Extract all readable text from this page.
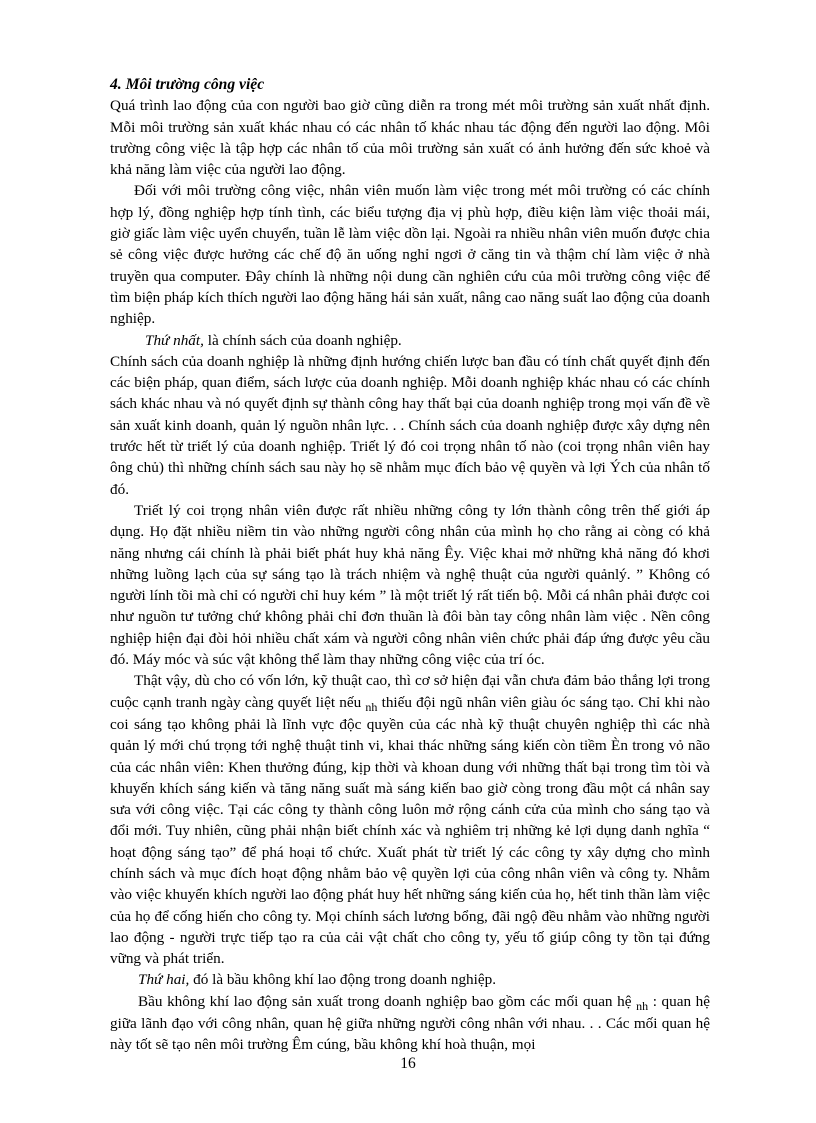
4. Môi trường công việc

Quá trình lao động của con người bao giờ cũng diễn ra trong mét môi trường sản xuất nhất định. Mỗi môi trường sản xuất khác nhau có các nhân tố khác nhau tác động đến người lao động. Môi trường công việc là tập hợp các nhân tố của môi trường sản xuất có ảnh hưởng đến sức khoẻ và khả năng làm việc của người lao động.

Đối với môi trường công việc, nhân viên muốn làm việc trong mét môi trường có các chính hợp lý, đồng nghiệp hợp tính tình, các biểu tượng địa vị phù hợp, điều kiện làm việc thoải mái, giờ giấc làm việc uyển chuyển, tuần lễ làm việc dồn lại. Ngoài ra nhiều nhân viên muốn được chia sẻ công việc được hưởng các chế độ ăn uống nghỉ ngơi ở căng tin và thậm chí làm việc ở nhà truyền qua computer. Đây chính là những nội dung cần nghiên cứu của môi trường công việc để tìm biện pháp kích thích người lao động hăng hái sản xuất, nâng cao năng suất lao động của doanh nghiệp.

Thứ nhất, là chính sách của doanh nghiệp.

Chính sách của doanh nghiệp là những định hướng chiến lược ban đầu có tính chất quyết định đến các biện pháp, quan điểm, sách lược của doanh nghiệp. Mỗi doanh nghiệp khác nhau có các chính sách khác nhau và nó quyết định sự thành công hay thất bại của doanh nghiệp trong mọi vấn đề về sản xuất kinh doanh, quản lý nguồn nhân lực. . . Chính sách của doanh nghiệp được xây dựng nên trước hết từ triết lý của doanh nghiệp. Triết lý đó coi trọng nhân tố nào (coi trọng nhân viên hay ông chủ) thì những chính sách sau này họ sẽ nhằm mục đích bảo vệ quyền và lợi Ých của nhân tố đó.

Triết lý coi trọng nhân viên được rất nhiều những công ty lớn thành công trên thế giới áp dụng. Họ đặt nhiều niềm tin vào những người công nhân của mình họ cho rằng ai còng có khả năng nhưng cái chính là phải biết phát huy khả năng Êy. Việc khai mở những khả năng đó khơi những luồng lạch của sự sáng tạo là trách nhiệm và nghệ thuật của người quảnlý. ” Không có người lính tồi mà chỉ có người chỉ huy kém ” là một triết lý rất tiến bộ. Mỗi cá nhân phải được coi như nguồn tư tưởng chứ không phải chỉ đơn thuần là đôi bàn tay công nhân làm việc . Nền công nghiệp hiện đại đòi hỏi nhiều chất xám và người công nhân viên chức phải đáp ứng được yêu cầu đó. Máy móc và súc vật không thể làm thay những công việc của trí óc.

Thật vậy, dù cho có vốn lớn, kỹ thuật cao, thì cơ sở hiện đại vẫn chưa đảm bảo thắng lợi trong cuộc cạnh tranh ngày càng quyết liệt nếu $_{nh}$ thiếu đội ngũ nhân viên giàu óc sáng tạo. Chỉ khi nào coi sáng tạo không phải là lĩnh vực độc quyền của các nhà kỹ thuật chuyên nghiệp thì các nhà quản lý mới chú trọng tới nghệ thuật tinh vi, khai thác những sáng kiến còn tiềm Èn trong vỏ não của các nhân viên: Khen thưởng đúng, kịp thời và khoan dung với những thất bại trong tìm tòi và khuyến khích sáng kiến và tăng năng suất mà sáng kiến bao giờ còng trong đầu một cá nhân say sưa với công việc. Tại các công ty thành công luôn mở rộng cánh cửa của mình cho sáng tạo và đổi mới. Tuy nhiên, cũng phải nhận biết chính xác và nghiêm trị những kẻ lợi dụng danh nghĩa “ hoạt động sáng tạo” để phá hoại tổ chức. Xuất phát từ triết lý các công ty xây dựng cho mình chính sách và mục đích hoạt động nhằm bảo vệ quyền lợi của công nhân viên và công ty. Nhằm vào việc khuyến khích người lao động phát huy hết những sáng kiến của họ, hết tinh thần làm việc của họ để cống hiến cho công ty. Mọi chính sách lương bổng, đãi ngộ đều nhằm vào những người lao động - người trực tiếp tạo ra của cải vật chất cho công ty, yếu tố giúp công ty tồn tại đứng vững và phát triển.

Thứ hai, đó là bầu không khí lao động trong doanh nghiệp.

Bầu không khí lao động sản xuất trong doanh nghiệp bao gồm các mối quan hệ $_{nh}$ : quan hệ giữa lãnh đạo với công nhân, quan hệ giữa những người công nhân với nhau. . . Các mối quan hệ này tốt sẽ tạo nên môi trường Êm cúng, bầu không khí hoà thuận, mọi

16
